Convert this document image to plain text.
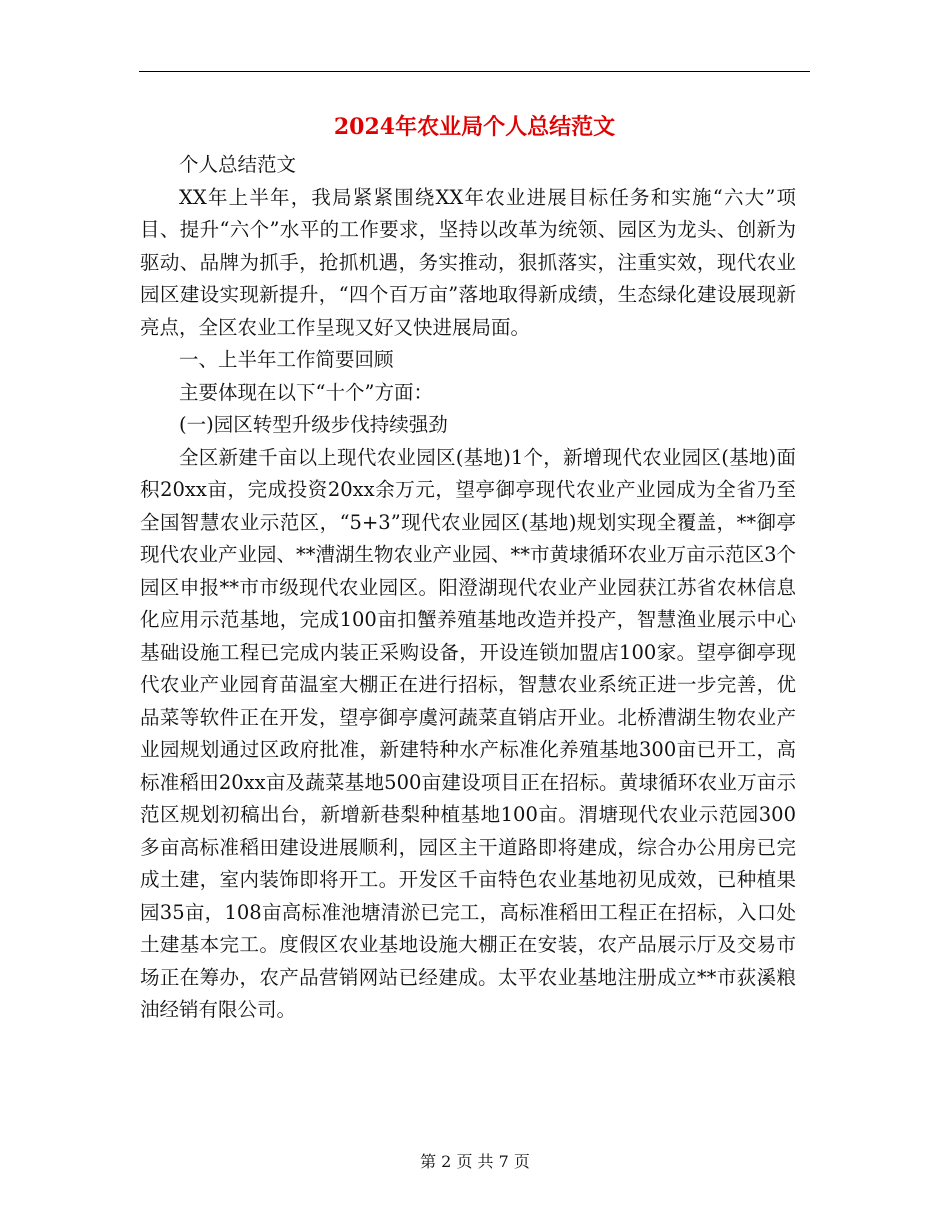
2024年农业局个人总结范文

个人总结范文

XX年上半年，我局紧紧围绕XX年农业进展目标任务和实施“六大”项目、提升“六个”水平的工作要求，坚持以改革为统领、园区为龙头、创新为驱动、品牌为抓手，抢抓机遇，务实推动，狠抓落实，注重实效，现代农业园区建设实现新提升，“四个百万亩”落地取得新成绩，生态绿化建设展现新亮点，全区农业工作呈现又好又快进展局面。

一、上半年工作简要回顾

主要体现在以下“十个”方面：

(一)园区转型升级步伐持续强劲

全区新建千亩以上现代农业园区(基地)1个，新增现代农业园区(基地)面积20xx亩，完成投资20xx余万元，望亭御亭现代农业产业园成为全省乃至全国智慧农业示范区，“5+3”现代农业园区(基地)规划实现全覆盖，**御亭现代农业产业园、**漕湖生物农业产业园、**市黄埭循环农业万亩示范区3个园区申报**市市级现代农业园区。阳澄湖现代农业产业园获江苏省农林信息化应用示范基地，完成100亩扣蟹养殖基地改造并投产，智慧渔业展示中心基础设施工程已完成内装正采购设备，开设连锁加盟店100家。望亭御亭现代农业产业园育苗温室大棚正在进行招标，智慧农业系统正进一步完善，优品菜等软件正在开发，望亭御亭虞河蔬菜直销店开业。北桥漕湖生物农业产业园规划通过区政府批准，新建特种水产标准化养殖基地300亩已开工，高标准稻田20xx亩及蔬菜基地500亩建设项目正在招标。黄埭循环农业万亩示范区规划初稿出台，新增新巷梨种植基地100亩。渭塘现代农业示范园300多亩高标准稻田建设进展顺利，园区主干道路即将建成，综合办公用房已完成土建，室内装饰即将开工。开发区千亩特色农业基地初见成效，已种植果园35亩，108亩高标准池塘清淤已完工，高标准稻田工程正在招标，入口处土建基本完工。度假区农业基地设施大棚正在安装，农产品展示厅及交易市场正在筹办，农产品营销网站已经建成。太平农业基地注册成立**市荻溪粮油经销有限公司。

第 2 页 共 7 页
